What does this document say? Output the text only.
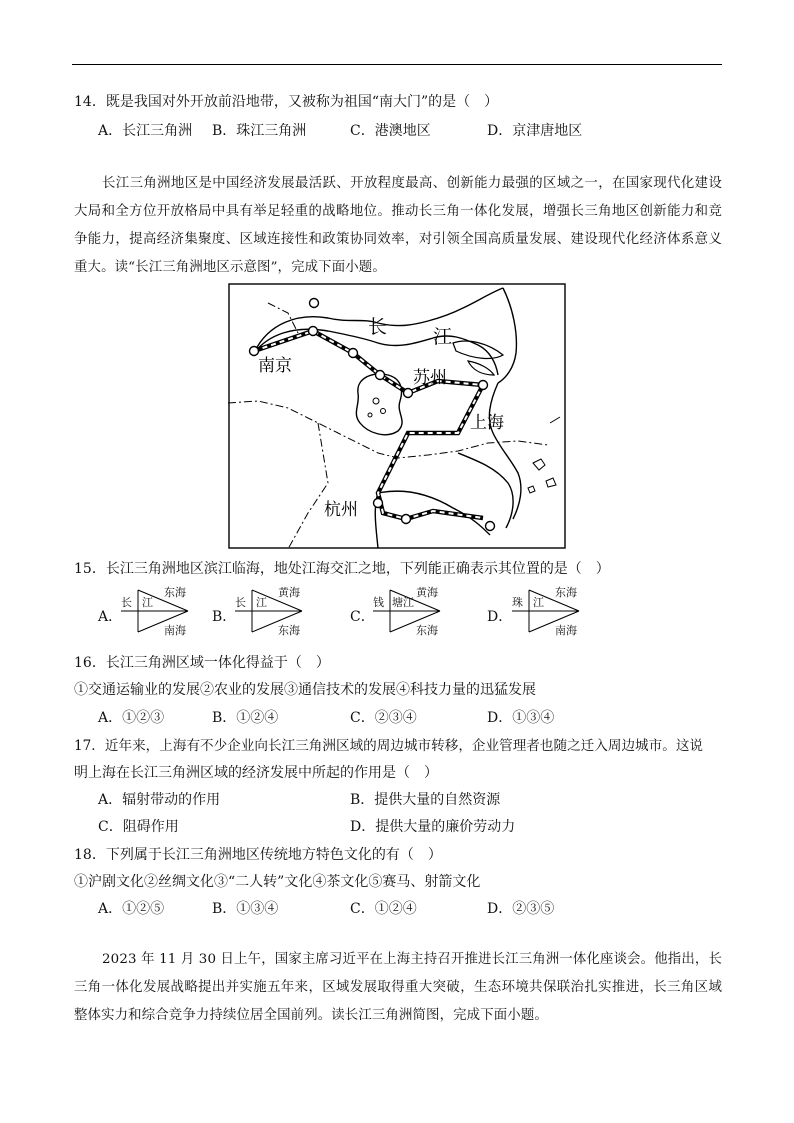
14．既是我国对外开放前沿地带，又被称为祖国“南大门”的是（　）
A．长江三角洲 B．珠江三角洲	C．港澳地区	D．京津唐地区
长江三角洲地区是中国经济发展最活跃、开放程度最高、创新能力最强的区域之一，在国家现代化建设大局和全方位开放格局中具有举足轻重的战略地位。推动长三角一体化发展，增强长三角地区创新能力和竞争能力，提高经济集聚度、区域连接性和政策协同效率，对引领全国高质量发展、建设现代化经济体系意义重大。读“长江三角洲地区示意图”，完成下面小题。
南京
苏州
上海
杭州
长 江
15．长江三角洲地区滨江临海，地处江海交汇之地，下列能正确表示其位置的是（　）
A．
长 江
东海
南海
B．
长 江
黄海
东海
C．
钱 塘江
黄海
东海
D．
珠 江
东海
南海
16．长江三角洲区域一体化得益于（　）
①交通运输业的发展②农业的发展③通信技术的发展④科技力量的迅猛发展
A．①②③	B．①②④	C．②③④	D．①③④
17．近年来，上海有不少企业向长江三角洲区域的周边城市转移，企业管理者也随之迁入周边城市。这说
明上海在长江三角洲区域的经济发展中所起的作用是（　）
A．辐射带动的作用	B．提供大量的自然资源
C．阻碍作用	D．提供大量的廉价劳动力
18．下列属于长江三角洲地区传统地方特色文化的有（　）
①沪剧文化②丝绸文化③“二人转”文化④茶文化⑤赛马、射箭文化
A．①②⑤	B．①③④	C．①②④	D．②③⑤
2023 年 11 月 30 日上午，国家主席习近平在上海主持召开推进长江三角洲一体化座谈会。他指出，长三角一体化发展战略提出并实施五年来，区域发展取得重大突破，生态环境共保联治扎实推进，长三角区域整体实力和综合竞争力持续位居全国前列。读长江三角洲简图，完成下面小题。
